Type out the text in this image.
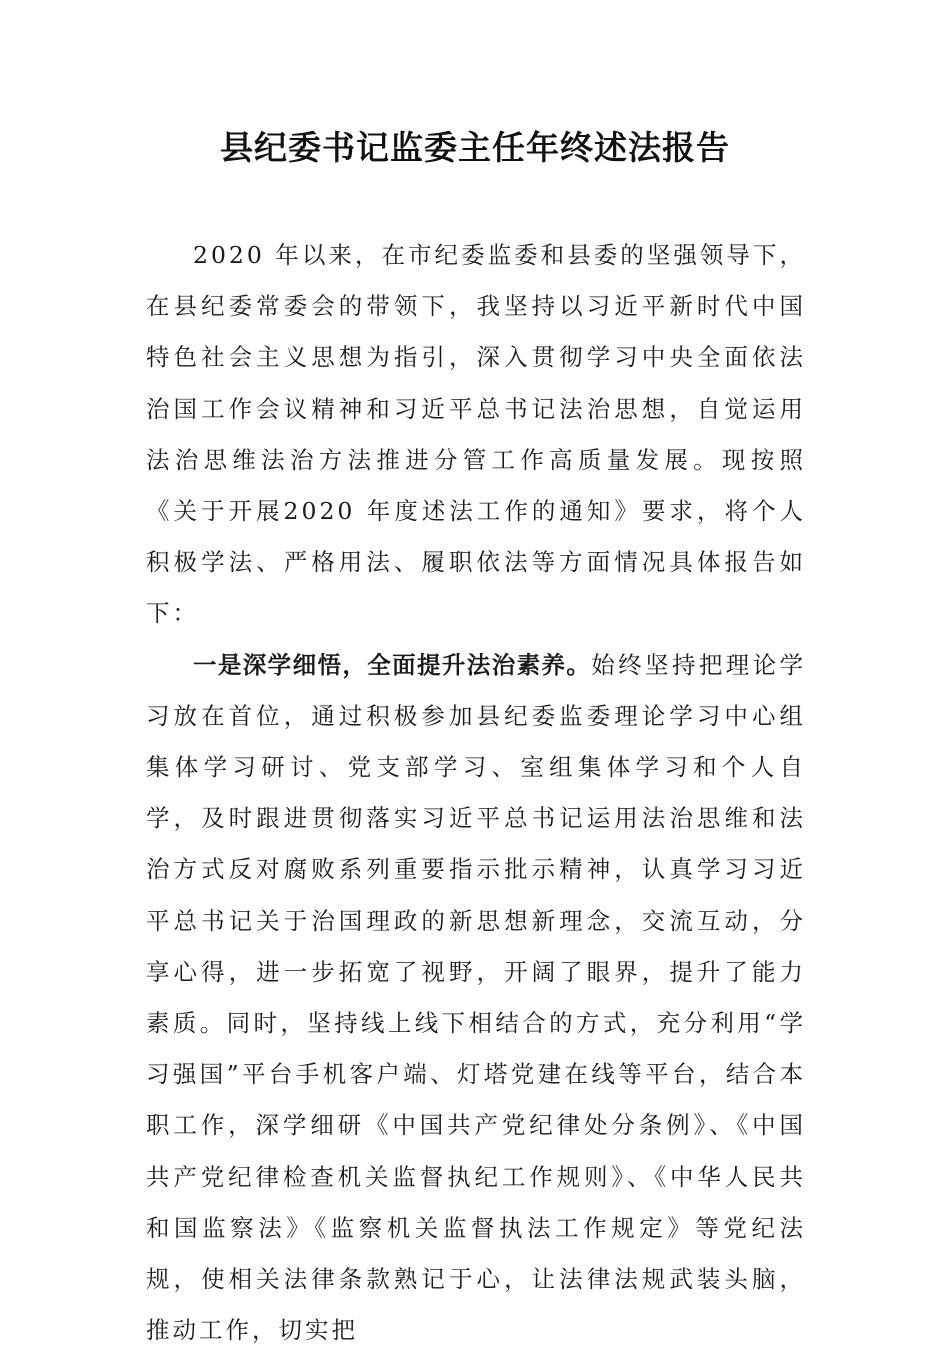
县纪委书记监委主任年终述法报告

2020 年以来，在市纪委监委和县委的坚强领导下，在县纪委常委会的带领下，我坚持以习近平新时代中国特色社会主义思想为指引，深入贯彻学习中央全面依法治国工作会议精神和习近平总书记法治思想，自觉运用法治思维法治方法推进分管工作高质量发展。现按照《关于开展2020 年度述法工作的通知》要求，将个人积极学法、严格用法、履职依法等方面情况具体报告如下：

一是深学细悟，全面提升法治素养。始终坚持把理论学习放在首位，通过积极参加县纪委监委理论学习中心组集体学习研讨、党支部学习、室组集体学习和个人自学，及时跟进贯彻落实习近平总书记运用法治思维和法治方式反对腐败系列重要指示批示精神，认真学习习近平总书记关于治国理政的新思想新理念，交流互动，分享心得，进一步拓宽了视野，开阔了眼界，提升了能力素质。同时，坚持线上线下相结合的方式，充分利用“学习强国”平台手机客户端、灯塔党建在线等平台，结合本职工作，深学细研《中国共产党纪律处分条例》、《中国共产党纪律检查机关监督执纪工作规则》、《中华人民共和国监察法》《监察机关监督执法工作规定》等党纪法规，使相关法律条款熟记于心，让法律法规武装头脑，推动工作，切实把
